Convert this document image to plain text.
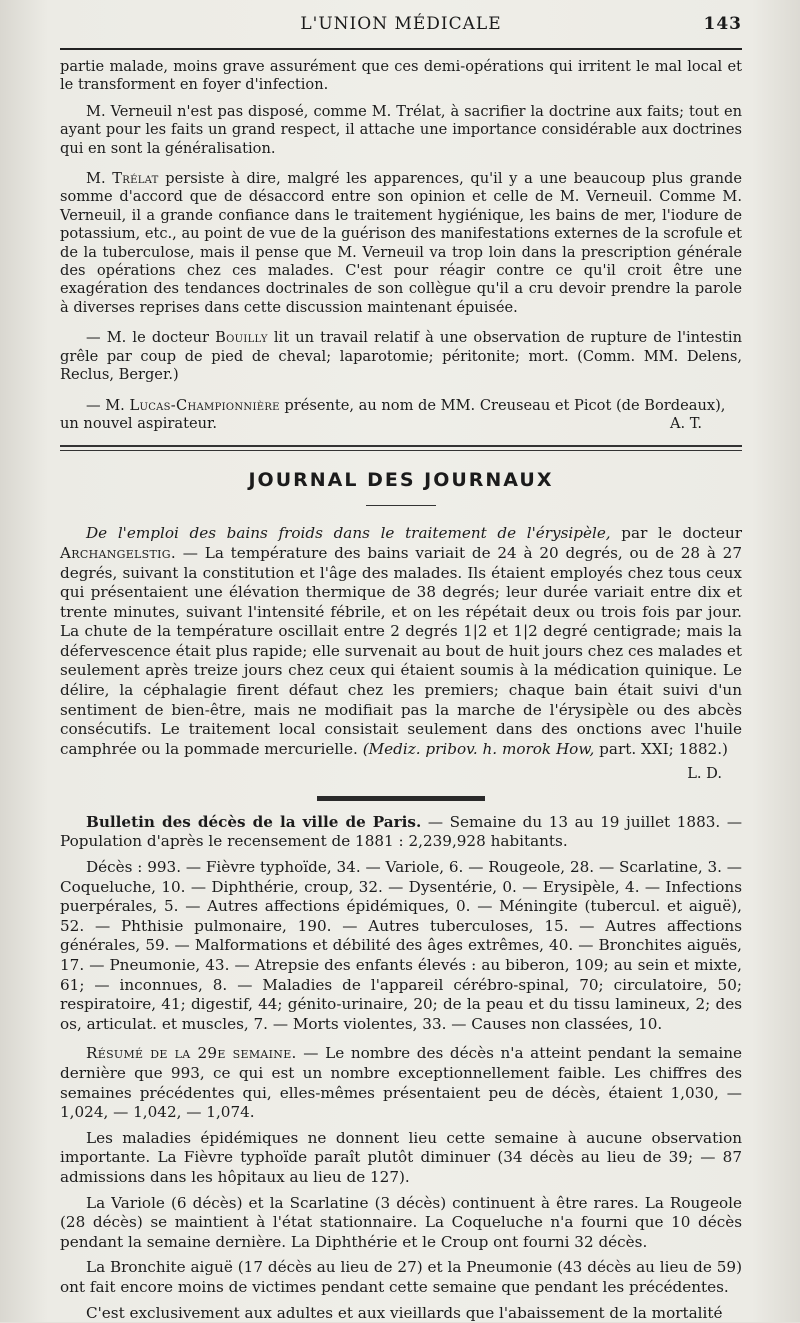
L'UNION MÉDICALE	143

partie malade, moins grave assurément que ces demi-opérations qui irritent le mal local et le transforment en foyer d'infection.

M. Verneuil n'est pas disposé, comme M. Trélat, à sacrifier la doctrine aux faits; tout en ayant pour les faits un grand respect, il attache une importance considérable aux doctrines qui en sont la généralisation.

M. Trélat persiste à dire, malgré les apparences, qu'il y a une beaucoup plus grande somme d'accord que de désaccord entre son opinion et celle de M. Verneuil. Comme M. Verneuil, il a grande confiance dans le traitement hygiénique, les bains de mer, l'iodure de potassium, etc., au point de vue de la guérison des manifestations externes de la scrofule et de la tuberculose, mais il pense que M. Verneuil va trop loin dans la prescription générale des opérations chez ces malades. C'est pour réagir contre ce qu'il croit être une exagération des tendances doctrinales de son collègue qu'il a cru devoir prendre la parole à diverses reprises dans cette discussion maintenant épuisée.

— M. le docteur Bouilly lit un travail relatif à une observation de rupture de l'intestin grêle par coup de pied de cheval; laparotomie; péritonite; mort. (Comm. MM. Delens, Reclus, Berger.)

— M. Lucas-Championnière présente, au nom de MM. Creuseau et Picot (de Bordeaux),

un nouvel aspirateur.	A. T.
JOURNAL DES JOURNAUX

De l'emploi des bains froids dans le traitement de l'érysipèle, par le docteur Archangelstig. — La température des bains variait de 24 à 20 degrés, ou de 28 à 27 degrés, suivant la constitution et l'âge des malades. Ils étaient employés chez tous ceux qui présentaient une élévation thermique de 38 degrés; leur durée variait entre dix et trente minutes, suivant l'intensité fébrile, et on les répétait deux ou trois fois par jour. La chute de la température oscillait entre 2 degrés 1|2 et 1|2 degré centigrade; mais la défervescence était plus rapide; elle survenait au bout de huit jours chez ces malades et seulement après treize jours chez ceux qui étaient soumis à la médication quinique. Le délire, la céphalagie firent défaut chez les premiers; chaque bain était suivi d'un sentiment de bien-être, mais ne modifiait pas la marche de l'érysipèle ou des abcès consécutifs. Le traitement local consistait seulement dans des onctions avec l'huile camphrée ou la pommade mercurielle. (Mediz. pribov. h. morok How, part. XXI; 1882.)

L. D.

Bulletin des décès de la ville de Paris. — Semaine du 13 au 19 juillet 1883. — Population d'après le recensement de 1881 : 2,239,928 habitants.

Décès : 993. — Fièvre typhoïde, 34. — Variole, 6. — Rougeole, 28. — Scarlatine, 3. — Coqueluche, 10. — Diphthérie, croup, 32. — Dysentérie, 0. — Erysipèle, 4. — Infections puerpérales, 5. — Autres affections épidémiques, 0. — Méningite (tubercul. et aiguë), 52. — Phthisie pulmonaire, 190. — Autres tuberculoses, 15. — Autres affections générales, 59. — Malformations et débilité des âges extrêmes, 40. — Bronchites aiguës, 17. — Pneumonie, 43. — Atrepsie des enfants élevés : au biberon, 109; au sein et mixte, 61; — inconnues, 8. — Maladies de l'appareil cérébro-spinal, 70; circulatoire, 50; respiratoire, 41; digestif, 44; génito-urinaire, 20; de la peau et du tissu lamineux, 2; des os, articulat. et muscles, 7. — Morts violentes, 33. — Causes non classées, 10.

Résumé de la 29e semaine. — Le nombre des décès n'a atteint pendant la semaine dernière que 993, ce qui est un nombre exceptionnellement faible. Les chiffres des semaines précédentes qui, elles-mêmes présentaient peu de décès, étaient 1,030, — 1,024, — 1,042, — 1,074.

Les maladies épidémiques ne donnent lieu cette semaine à aucune observation importante. La Fièvre typhoïde paraît plutôt diminuer (34 décès au lieu de 39; — 87 admissions dans les hôpitaux au lieu de 127).

La Variole (6 décès) et la Scarlatine (3 décès) continuent à être rares. La Rougeole (28 décès) se maintient à l'état stationnaire. La Coqueluche n'a fourni que 10 décès pendant la semaine dernière. La Diphthérie et le Croup ont fourni 32 décès.

La Bronchite aiguë (17 décès au lieu de 27) et la Pneumonie (43 décès au lieu de 59) ont fait encore moins de victimes pendant cette semaine que pendant les précédentes.

C'est exclusivement aux adultes et aux vieillards que l'abaissement de la mortalité
